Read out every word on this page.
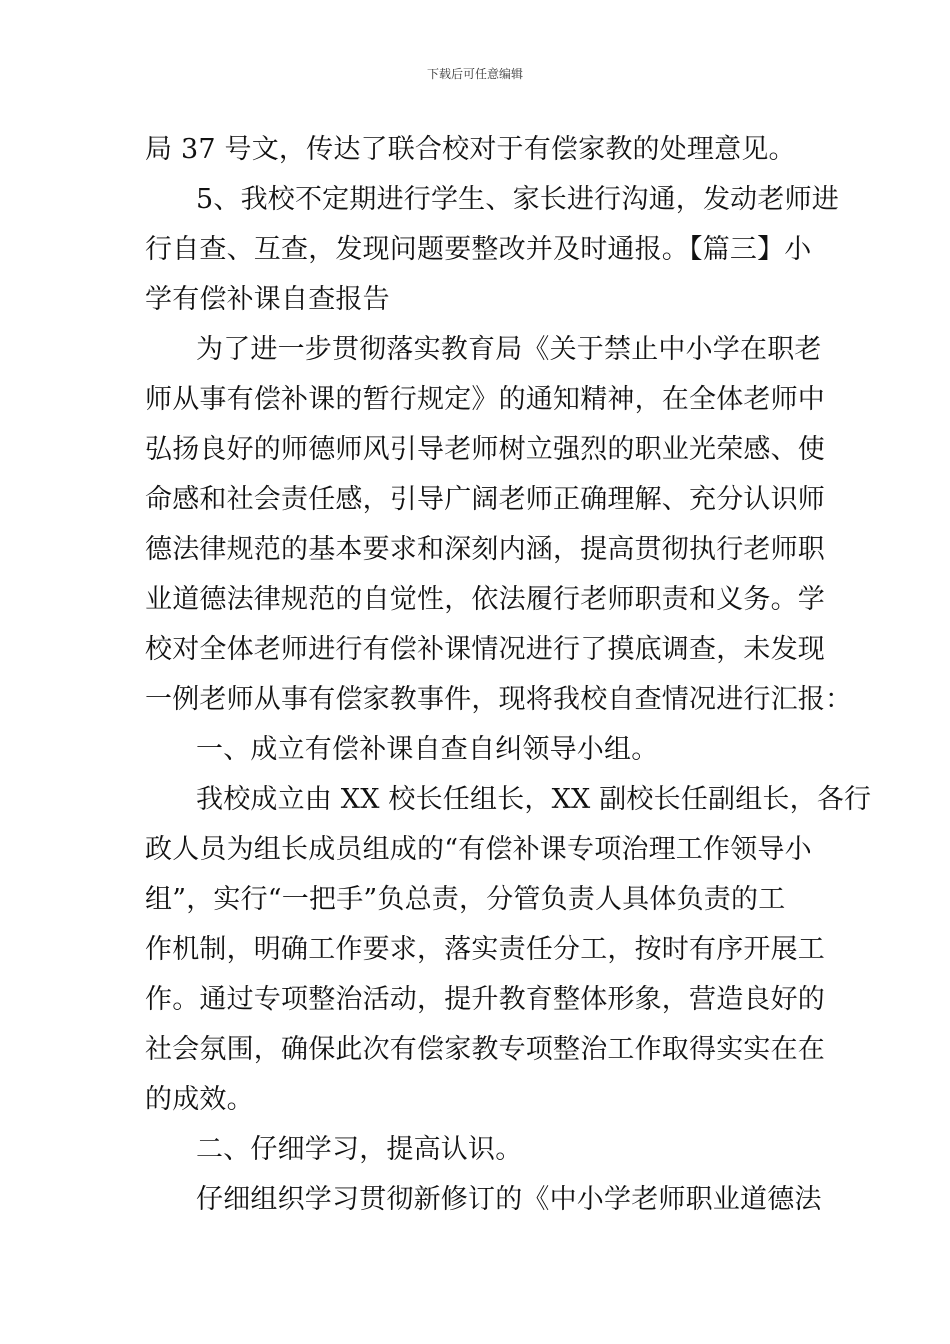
下载后可任意编辑
局 37 号文，传达了联合校对于有偿家教的处理意见。
5、我校不定期进行学生、家长进行沟通，发动老师进
行自查、互查，发现问题要整改并及时通报。【篇三】小
学有偿补课自查报告
为了进一步贯彻落实教育局《关于禁止中小学在职老
师从事有偿补课的暂行规定》的通知精神，在全体老师中
弘扬良好的师德师风引导老师树立强烈的职业光荣感、使
命感和社会责任感，引导广阔老师正确理解、充分认识师
德法律规范的基本要求和深刻内涵，提高贯彻执行老师职
业道德法律规范的自觉性，依法履行老师职责和义务。学
校对全体老师进行有偿补课情况进行了摸底调查，未发现
一例老师从事有偿家教事件，现将我校自查情况进行汇报：
一、成立有偿补课自查自纠领导小组。
我校成立由 XX 校长任组长，XX 副校长任副组长，各行
政人员为组长成员组成的“有偿补课专项治理工作领导小
组”，实行“一把手”负总责，分管负责人具体负责的工
作机制，明确工作要求，落实责任分工，按时有序开展工
作。通过专项整治活动，提升教育整体形象，营造良好的
社会氛围，确保此次有偿家教专项整治工作取得实实在在
的成效。
二、仔细学习，提高认识。
仔细组织学习贯彻新修订的《中小学老师职业道德法
